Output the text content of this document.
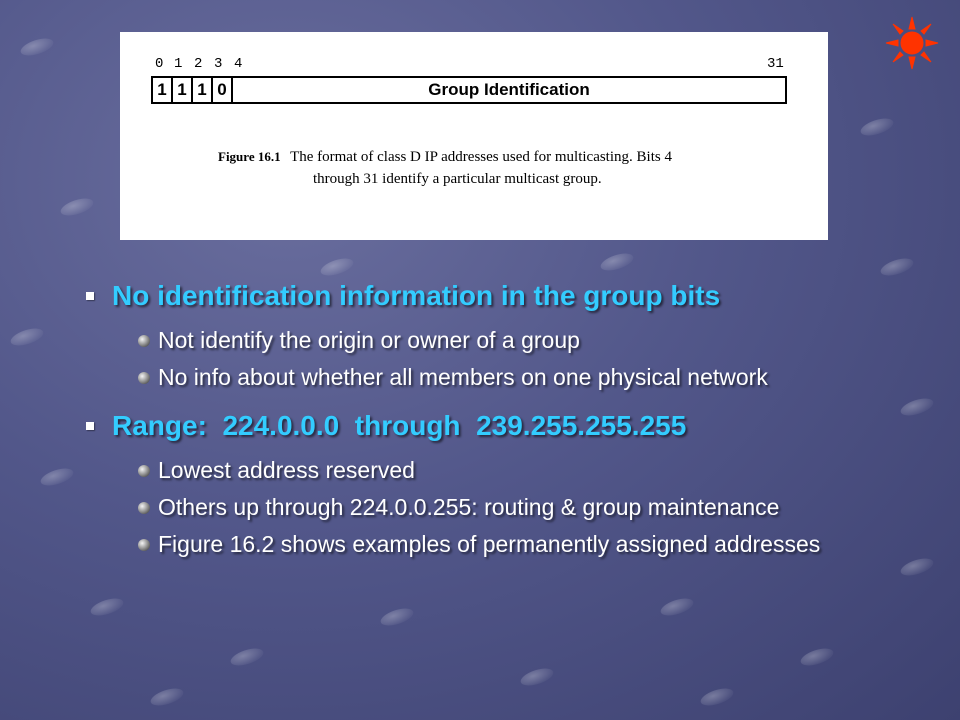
0 1 2 3 4	31
1 1 1 0	Group Identification
Figure 16.1 The format of class D IP addresses used for multicasting. Bits 4
through 31 identify a particular multicast group.
No identification information in the group bits
Not identify the origin or owner of a group
No info about whether all members on one physical network
Range:  224.0.0.0  through  239.255.255.255
Lowest address reserved
Others up through 224.0.0.255: routing & group maintenance
Figure 16.2 shows examples of permanently assigned addresses
